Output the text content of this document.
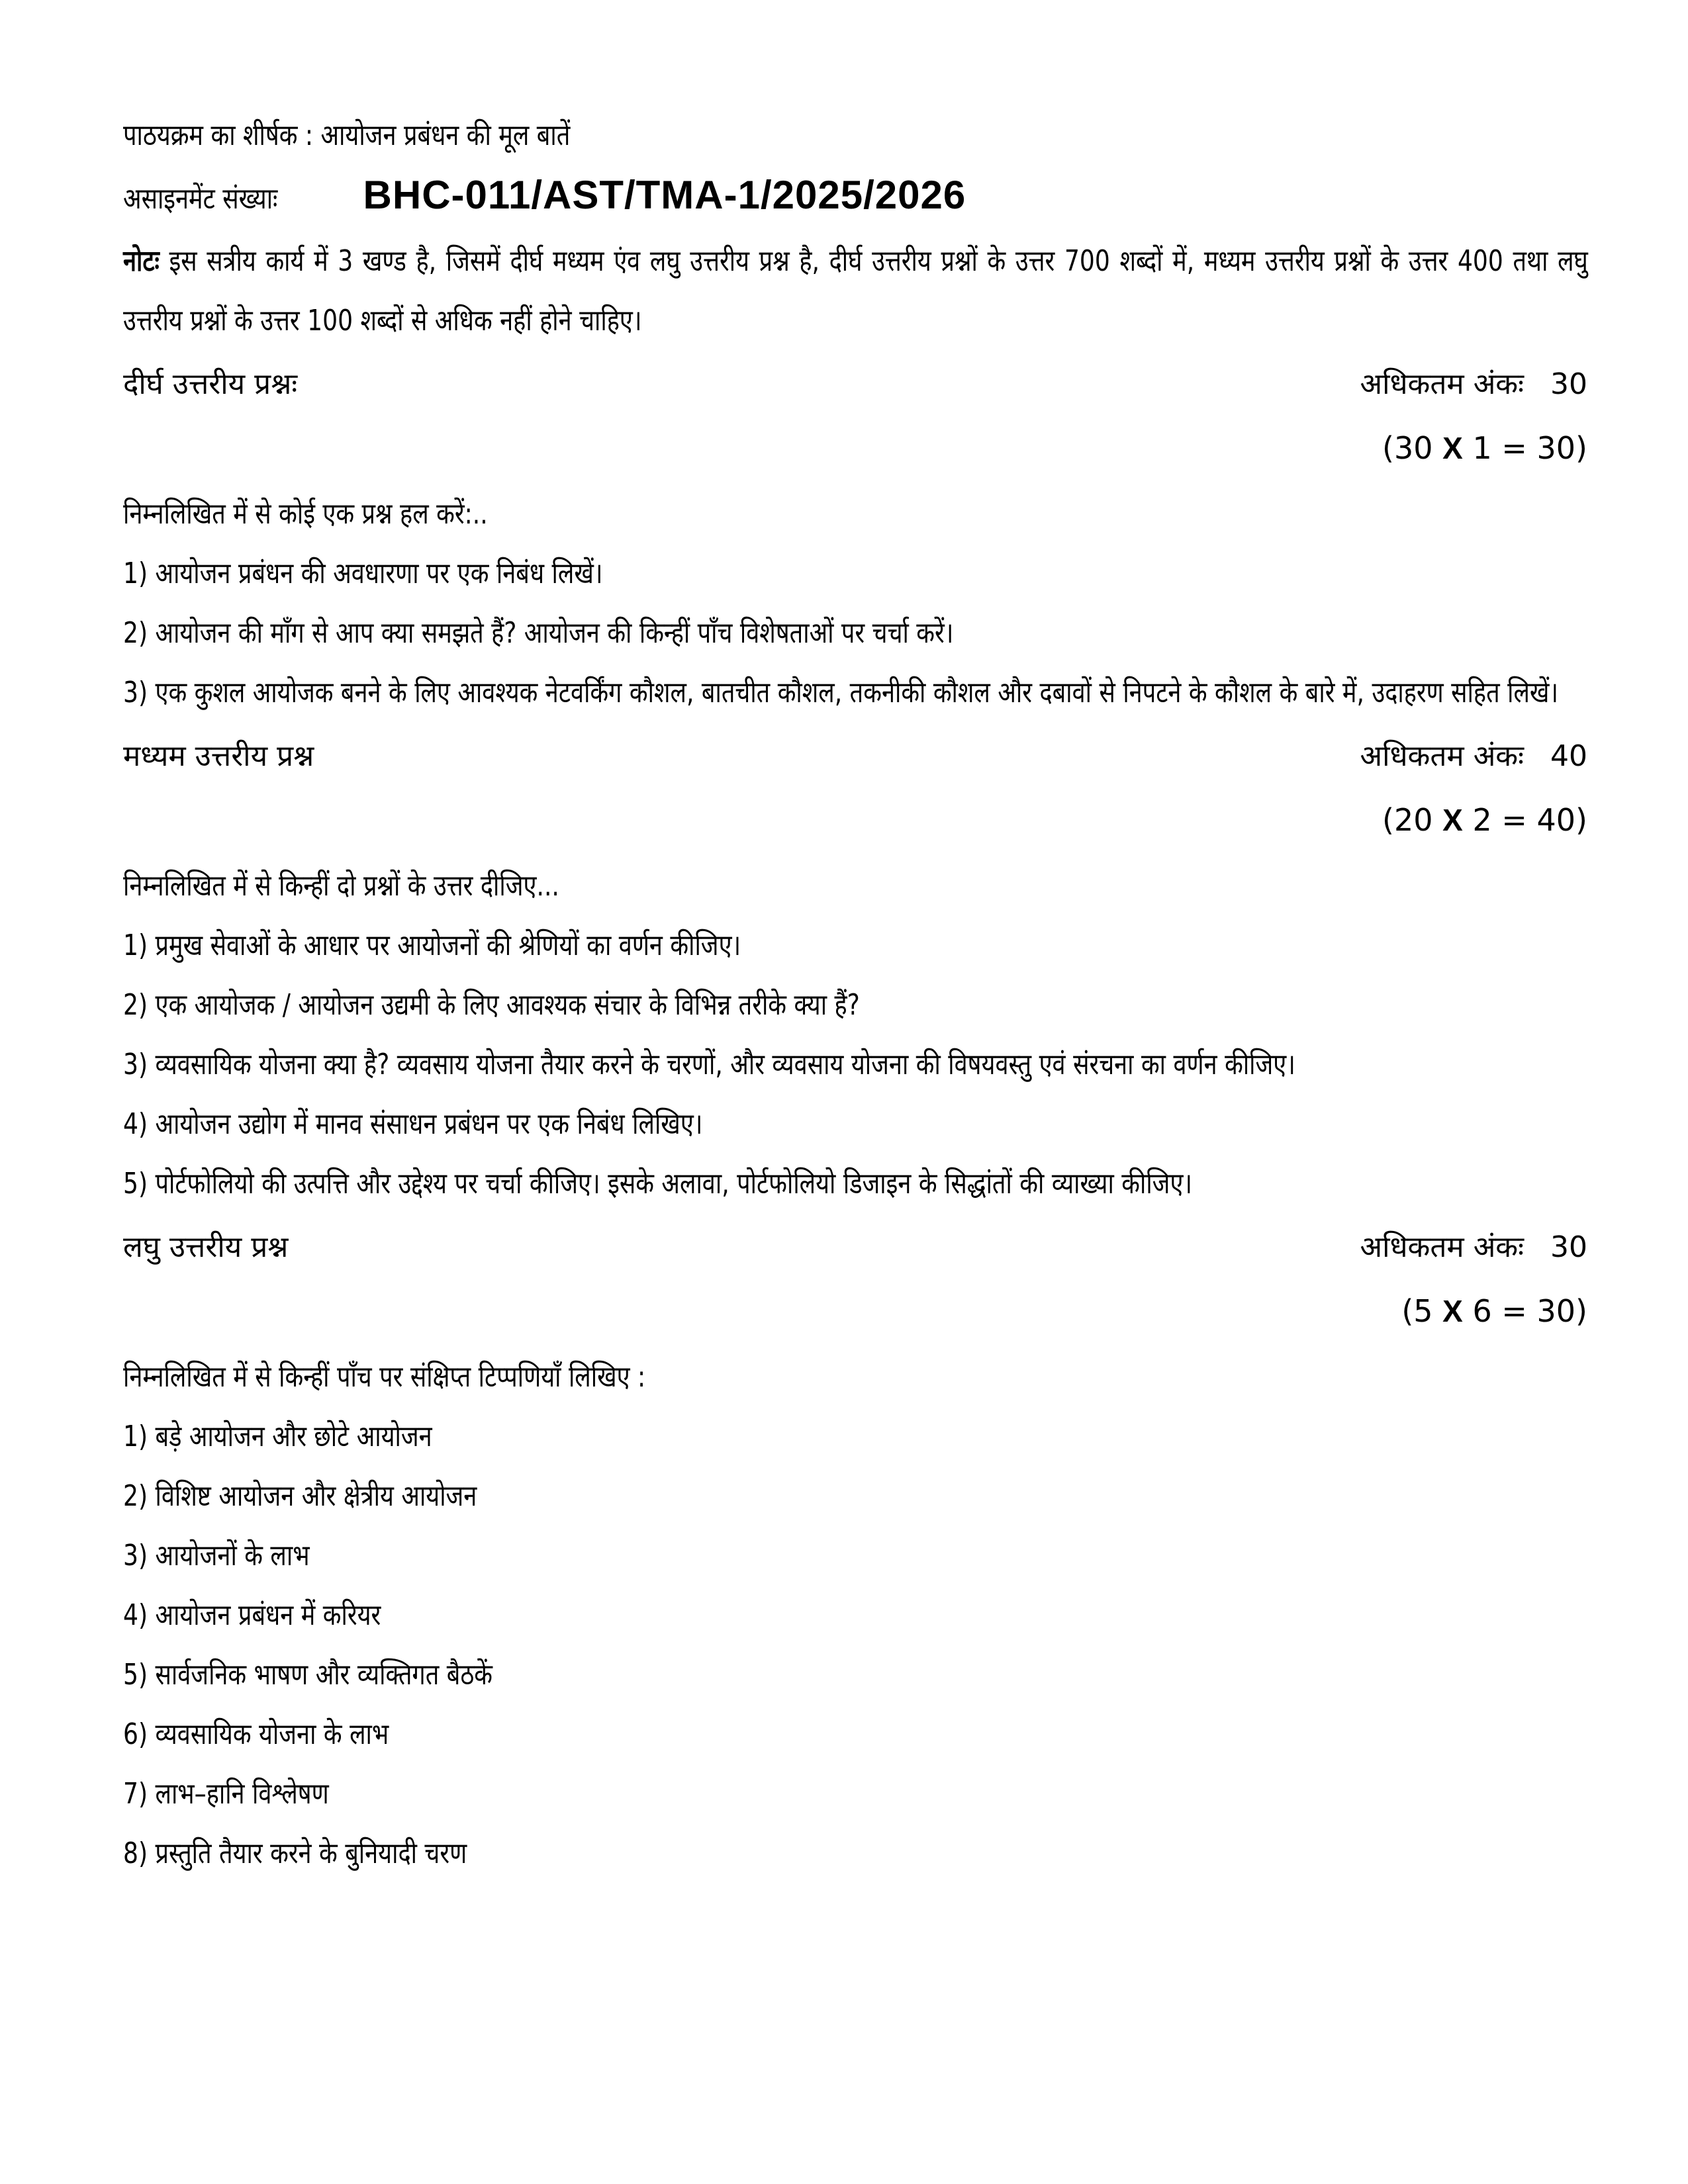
पाठयक्रम का शीर्षक : आयोजन प्रबंधन की मूल बातें
असाइनमेंट संख्याः BHC-011/AST/TMA-1/2025/2026
नोटः इस सत्रीय कार्य में 3 खण्ड है, जिसमें दीर्घ मध्यम एंव लघु उत्तरीय प्रश्न है, दीर्घ उत्तरीय प्रश्नों के उत्तर 700 शब्दों में, मध्यम उत्तरीय प्रश्नों के उत्तर 400 तथा लघु उत्तरीय प्रश्नों के उत्तर 100 शब्दों से अधिक नहीं होने चाहिए।
दीर्घ उत्तरीय प्रश्नः	अधिकतम अंकः 30
(30 X 1 = 30)
निम्नलिखित में से कोई एक प्रश्न हल करें:..
1) आयोजन प्रबंधन की अवधारणा पर एक निबंध लिखें।
2) आयोजन की माँग से आप क्या समझते हैं? आयोजन की किन्हीं पाँच विशेषताओं पर चर्चा करें।
3) एक कुशल आयोजक बनने के लिए आवश्यक नेटवर्किंग कौशल, बातचीत कौशल, तकनीकी कौशल और दबावों से निपटने के कौशल के बारे में, उदाहरण सहित लिखें।
मध्यम उत्तरीय प्रश्न	अधिकतम अंकः 40
(20 X 2 = 40)
निम्नलिखित में से किन्हीं दो प्रश्नों के उत्तर दीजिए...
1) प्रमुख सेवाओं के आधार पर आयोजनों की श्रेणियों का वर्णन कीजिए।
2) एक आयोजक / आयोजन उद्यमी के लिए आवश्यक संचार के विभिन्न तरीके क्या हैं?
3) व्यवसायिक योजना क्या है? व्यवसाय योजना तैयार करने के चरणों, और व्यवसाय योजना की विषयवस्तु एवं संरचना का वर्णन कीजिए।
4) आयोजन उद्योग में मानव संसाधन प्रबंधन पर एक निबंध लिखिए।
5) पोर्टफोलियो की उत्पत्ति और उद्देश्य पर चर्चा कीजिए। इसके अलावा, पोर्टफोलियो डिजाइन के सिद्धांतों की व्याख्या कीजिए।
लघु उत्तरीय प्रश्न	अधिकतम अंकः 30
(5 X 6 = 30)
निम्नलिखित में से किन्हीं पाँच पर संक्षिप्त टिप्पणियाँ लिखिए :
1) बड़े आयोजन और छोटे आयोजन
2) विशिष्ट आयोजन और क्षेत्रीय आयोजन
3) आयोजनों के लाभ
4) आयोजन प्रबंधन में करियर
5) सार्वजनिक भाषण और व्यक्तिगत बैठकें
6) व्यवसायिक योजना के लाभ
7) लाभ–हानि विश्लेषण
8) प्रस्तुति तैयार करने के बुनियादी चरण
